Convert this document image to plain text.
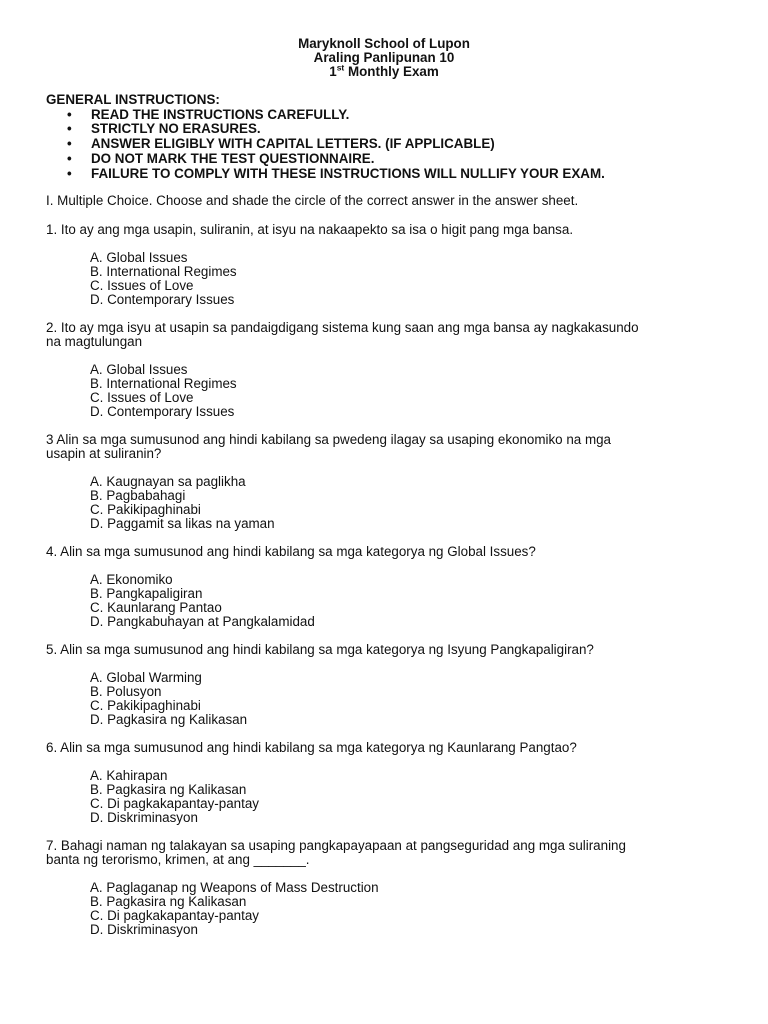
Maryknoll School of Lupon
Araling Panlipunan 10
1st Monthly Exam
GENERAL INSTRUCTIONS:
• READ THE INSTRUCTIONS CAREFULLY.
• STRICTLY NO ERASURES.
• ANSWER ELIGIBLY WITH CAPITAL LETTERS. (IF APPLICABLE)
• DO NOT MARK THE TEST QUESTIONNAIRE.
• FAILURE TO COMPLY WITH THESE INSTRUCTIONS WILL NULLIFY YOUR EXAM.
I. Multiple Choice. Choose and shade the circle of the correct answer in the answer sheet.
1. Ito ay ang mga usapin, suliranin, at isyu na nakaapekto sa isa o higit pang mga bansa.
A. Global Issues
B. International Regimes
C. Issues of Love
D. Contemporary Issues
2. Ito ay mga isyu at usapin sa pandaigdigang sistema kung saan ang mga bansa ay nagkakasundo
na magtulungan
A. Global Issues
B. International Regimes
C. Issues of Love
D. Contemporary Issues
3 Alin sa mga sumusunod ang hindi kabilang sa pwedeng ilagay sa usaping ekonomiko na mga
usapin at suliranin?
A. Kaugnayan sa paglikha
B. Pagbabahagi
C. Pakikipaghinabi
D. Paggamit sa likas na yaman
4. Alin sa mga sumusunod ang hindi kabilang sa mga kategorya ng Global Issues?
A. Ekonomiko
B. Pangkapaligiran
C. Kaunlarang Pantao
D. Pangkabuhayan at Pangkalamidad
5. Alin sa mga sumusunod ang hindi kabilang sa mga kategorya ng Isyung Pangkapaligiran?
A. Global Warming
B. Polusyon
C. Pakikipaghinabi
D. Pagkasira ng Kalikasan
6. Alin sa mga sumusunod ang hindi kabilang sa mga kategorya ng Kaunlarang Pangtao?
A. Kahirapan
B. Pagkasira ng Kalikasan
C. Di pagkakapantay-pantay
D. Diskriminasyon
7. Bahagi naman ng talakayan sa usaping pangkapayapaan at pangseguridad ang mga suliraning
banta ng terorismo, krimen, at ang _______.
A. Paglaganap ng Weapons of Mass Destruction
B. Pagkasira ng Kalikasan
C. Di pagkakapantay-pantay
D. Diskriminasyon
